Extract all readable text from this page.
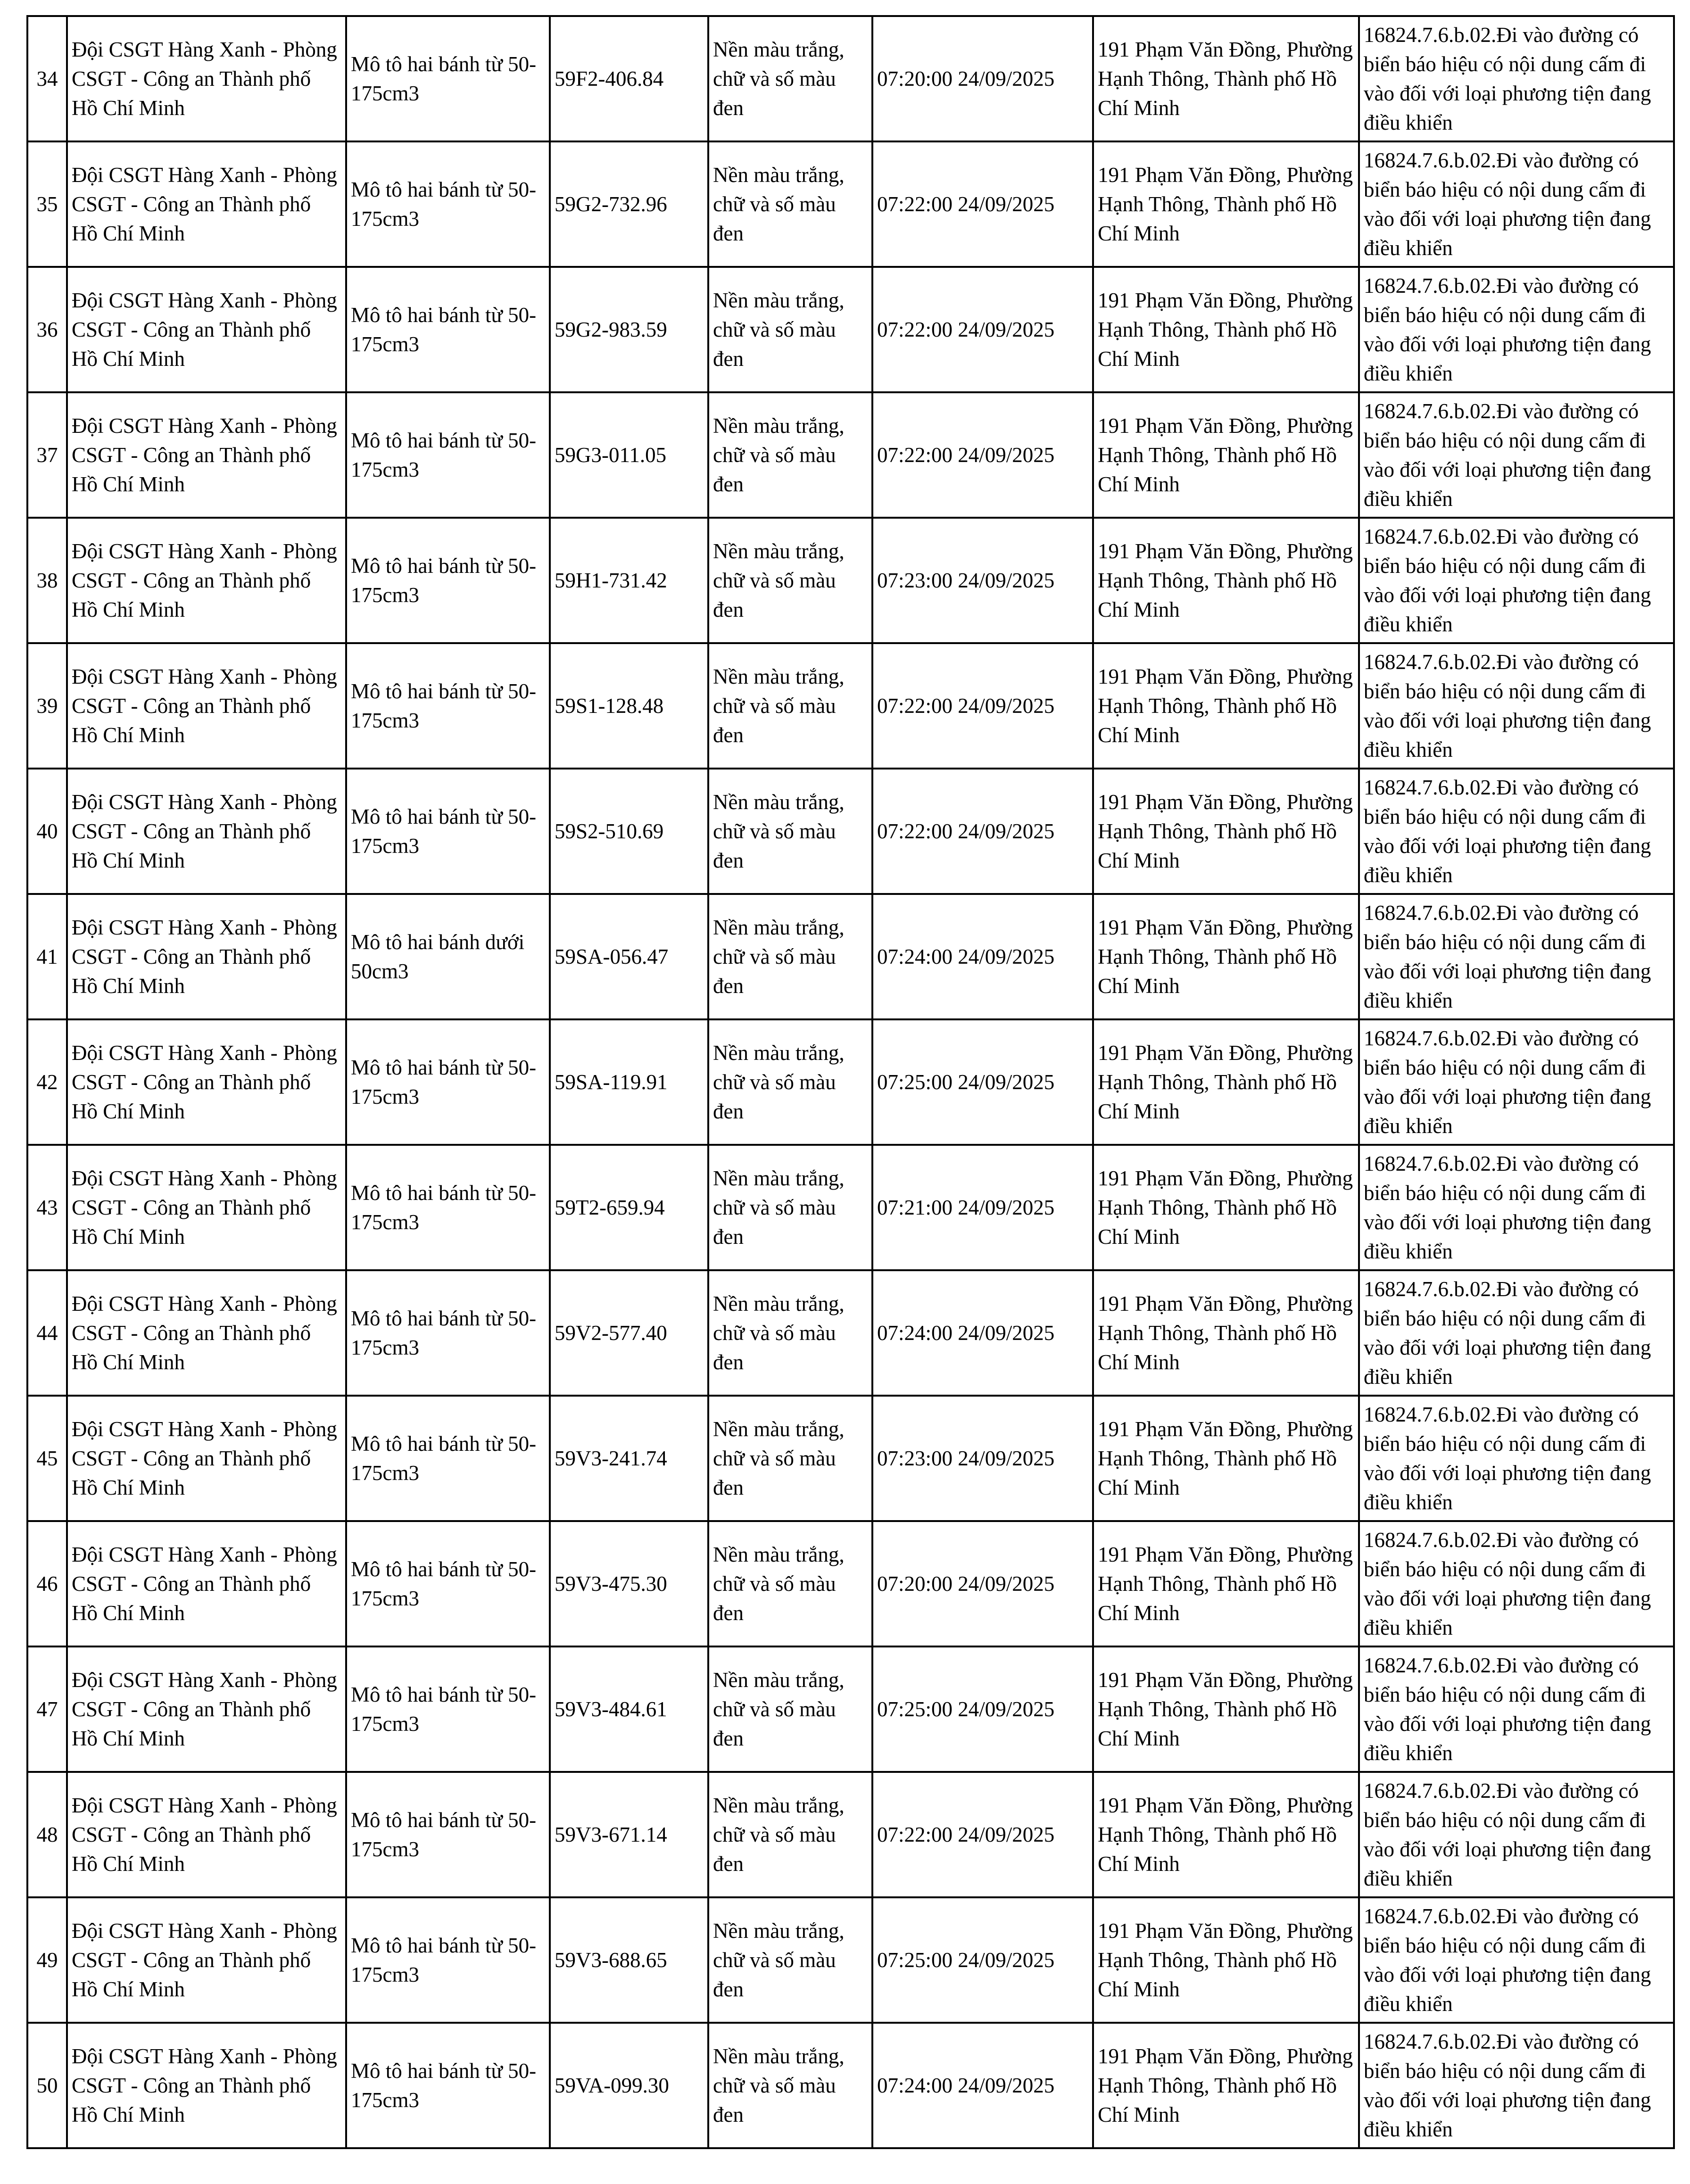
34	Đội CSGT Hàng Xanh - Phòng CSGT - Công an Thành phố Hồ Chí Minh	Mô tô hai bánh từ 50-175cm3	59F2-406.84	Nền màu trắng, chữ và số màu đen	07:20:00 24/09/2025	191 Phạm Văn Đồng, Phường Hạnh Thông, Thành phố Hồ Chí Minh	16824.7.6.b.02.Đi vào đường có biển báo hiệu có nội dung cấm đi vào đối với loại phương tiện đang điều khiển

35	Đội CSGT Hàng Xanh - Phòng CSGT - Công an Thành phố Hồ Chí Minh	Mô tô hai bánh từ 50-175cm3	59G2-732.96	Nền màu trắng, chữ và số màu đen	07:22:00 24/09/2025	191 Phạm Văn Đồng, Phường Hạnh Thông, Thành phố Hồ Chí Minh	16824.7.6.b.02.Đi vào đường có biển báo hiệu có nội dung cấm đi vào đối với loại phương tiện đang điều khiển

36	Đội CSGT Hàng Xanh - Phòng CSGT - Công an Thành phố Hồ Chí Minh	Mô tô hai bánh từ 50-175cm3	59G2-983.59	Nền màu trắng, chữ và số màu đen	07:22:00 24/09/2025	191 Phạm Văn Đồng, Phường Hạnh Thông, Thành phố Hồ Chí Minh	16824.7.6.b.02.Đi vào đường có biển báo hiệu có nội dung cấm đi vào đối với loại phương tiện đang điều khiển

37	Đội CSGT Hàng Xanh - Phòng CSGT - Công an Thành phố Hồ Chí Minh	Mô tô hai bánh từ 50-175cm3	59G3-011.05	Nền màu trắng, chữ và số màu đen	07:22:00 24/09/2025	191 Phạm Văn Đồng, Phường Hạnh Thông, Thành phố Hồ Chí Minh	16824.7.6.b.02.Đi vào đường có biển báo hiệu có nội dung cấm đi vào đối với loại phương tiện đang điều khiển

38	Đội CSGT Hàng Xanh - Phòng CSGT - Công an Thành phố Hồ Chí Minh	Mô tô hai bánh từ 50-175cm3	59H1-731.42	Nền màu trắng, chữ và số màu đen	07:23:00 24/09/2025	191 Phạm Văn Đồng, Phường Hạnh Thông, Thành phố Hồ Chí Minh	16824.7.6.b.02.Đi vào đường có biển báo hiệu có nội dung cấm đi vào đối với loại phương tiện đang điều khiển

39	Đội CSGT Hàng Xanh - Phòng CSGT - Công an Thành phố Hồ Chí Minh	Mô tô hai bánh từ 50-175cm3	59S1-128.48	Nền màu trắng, chữ và số màu đen	07:22:00 24/09/2025	191 Phạm Văn Đồng, Phường Hạnh Thông, Thành phố Hồ Chí Minh	16824.7.6.b.02.Đi vào đường có biển báo hiệu có nội dung cấm đi vào đối với loại phương tiện đang điều khiển

40	Đội CSGT Hàng Xanh - Phòng CSGT - Công an Thành phố Hồ Chí Minh	Mô tô hai bánh từ 50-175cm3	59S2-510.69	Nền màu trắng, chữ và số màu đen	07:22:00 24/09/2025	191 Phạm Văn Đồng, Phường Hạnh Thông, Thành phố Hồ Chí Minh	16824.7.6.b.02.Đi vào đường có biển báo hiệu có nội dung cấm đi vào đối với loại phương tiện đang điều khiển

41	Đội CSGT Hàng Xanh - Phòng CSGT - Công an Thành phố Hồ Chí Minh	Mô tô hai bánh dưới 50cm3	59SA-056.47	Nền màu trắng, chữ và số màu đen	07:24:00 24/09/2025	191 Phạm Văn Đồng, Phường Hạnh Thông, Thành phố Hồ Chí Minh	16824.7.6.b.02.Đi vào đường có biển báo hiệu có nội dung cấm đi vào đối với loại phương tiện đang điều khiển

42	Đội CSGT Hàng Xanh - Phòng CSGT - Công an Thành phố Hồ Chí Minh	Mô tô hai bánh từ 50-175cm3	59SA-119.91	Nền màu trắng, chữ và số màu đen	07:25:00 24/09/2025	191 Phạm Văn Đồng, Phường Hạnh Thông, Thành phố Hồ Chí Minh	16824.7.6.b.02.Đi vào đường có biển báo hiệu có nội dung cấm đi vào đối với loại phương tiện đang điều khiển

43	Đội CSGT Hàng Xanh - Phòng CSGT - Công an Thành phố Hồ Chí Minh	Mô tô hai bánh từ 50-175cm3	59T2-659.94	Nền màu trắng, chữ và số màu đen	07:21:00 24/09/2025	191 Phạm Văn Đồng, Phường Hạnh Thông, Thành phố Hồ Chí Minh	16824.7.6.b.02.Đi vào đường có biển báo hiệu có nội dung cấm đi vào đối với loại phương tiện đang điều khiển

44	Đội CSGT Hàng Xanh - Phòng CSGT - Công an Thành phố Hồ Chí Minh	Mô tô hai bánh từ 50-175cm3	59V2-577.40	Nền màu trắng, chữ và số màu đen	07:24:00 24/09/2025	191 Phạm Văn Đồng, Phường Hạnh Thông, Thành phố Hồ Chí Minh	16824.7.6.b.02.Đi vào đường có biển báo hiệu có nội dung cấm đi vào đối với loại phương tiện đang điều khiển

45	Đội CSGT Hàng Xanh - Phòng CSGT - Công an Thành phố Hồ Chí Minh	Mô tô hai bánh từ 50-175cm3	59V3-241.74	Nền màu trắng, chữ và số màu đen	07:23:00 24/09/2025	191 Phạm Văn Đồng, Phường Hạnh Thông, Thành phố Hồ Chí Minh	16824.7.6.b.02.Đi vào đường có biển báo hiệu có nội dung cấm đi vào đối với loại phương tiện đang điều khiển

46	Đội CSGT Hàng Xanh - Phòng CSGT - Công an Thành phố Hồ Chí Minh	Mô tô hai bánh từ 50-175cm3	59V3-475.30	Nền màu trắng, chữ và số màu đen	07:20:00 24/09/2025	191 Phạm Văn Đồng, Phường Hạnh Thông, Thành phố Hồ Chí Minh	16824.7.6.b.02.Đi vào đường có biển báo hiệu có nội dung cấm đi vào đối với loại phương tiện đang điều khiển

47	Đội CSGT Hàng Xanh - Phòng CSGT - Công an Thành phố Hồ Chí Minh	Mô tô hai bánh từ 50-175cm3	59V3-484.61	Nền màu trắng, chữ và số màu đen	07:25:00 24/09/2025	191 Phạm Văn Đồng, Phường Hạnh Thông, Thành phố Hồ Chí Minh	16824.7.6.b.02.Đi vào đường có biển báo hiệu có nội dung cấm đi vào đối với loại phương tiện đang điều khiển

48	Đội CSGT Hàng Xanh - Phòng CSGT - Công an Thành phố Hồ Chí Minh	Mô tô hai bánh từ 50-175cm3	59V3-671.14	Nền màu trắng, chữ và số màu đen	07:22:00 24/09/2025	191 Phạm Văn Đồng, Phường Hạnh Thông, Thành phố Hồ Chí Minh	16824.7.6.b.02.Đi vào đường có biển báo hiệu có nội dung cấm đi vào đối với loại phương tiện đang điều khiển

49	Đội CSGT Hàng Xanh - Phòng CSGT - Công an Thành phố Hồ Chí Minh	Mô tô hai bánh từ 50-175cm3	59V3-688.65	Nền màu trắng, chữ và số màu đen	07:25:00 24/09/2025	191 Phạm Văn Đồng, Phường Hạnh Thông, Thành phố Hồ Chí Minh	16824.7.6.b.02.Đi vào đường có biển báo hiệu có nội dung cấm đi vào đối với loại phương tiện đang điều khiển

50	Đội CSGT Hàng Xanh - Phòng CSGT - Công an Thành phố Hồ Chí Minh	Mô tô hai bánh từ 50-175cm3	59VA-099.30	Nền màu trắng, chữ và số màu đen	07:24:00 24/09/2025	191 Phạm Văn Đồng, Phường Hạnh Thông, Thành phố Hồ Chí Minh	16824.7.6.b.02.Đi vào đường có biển báo hiệu có nội dung cấm đi vào đối với loại phương tiện đang điều khiển
